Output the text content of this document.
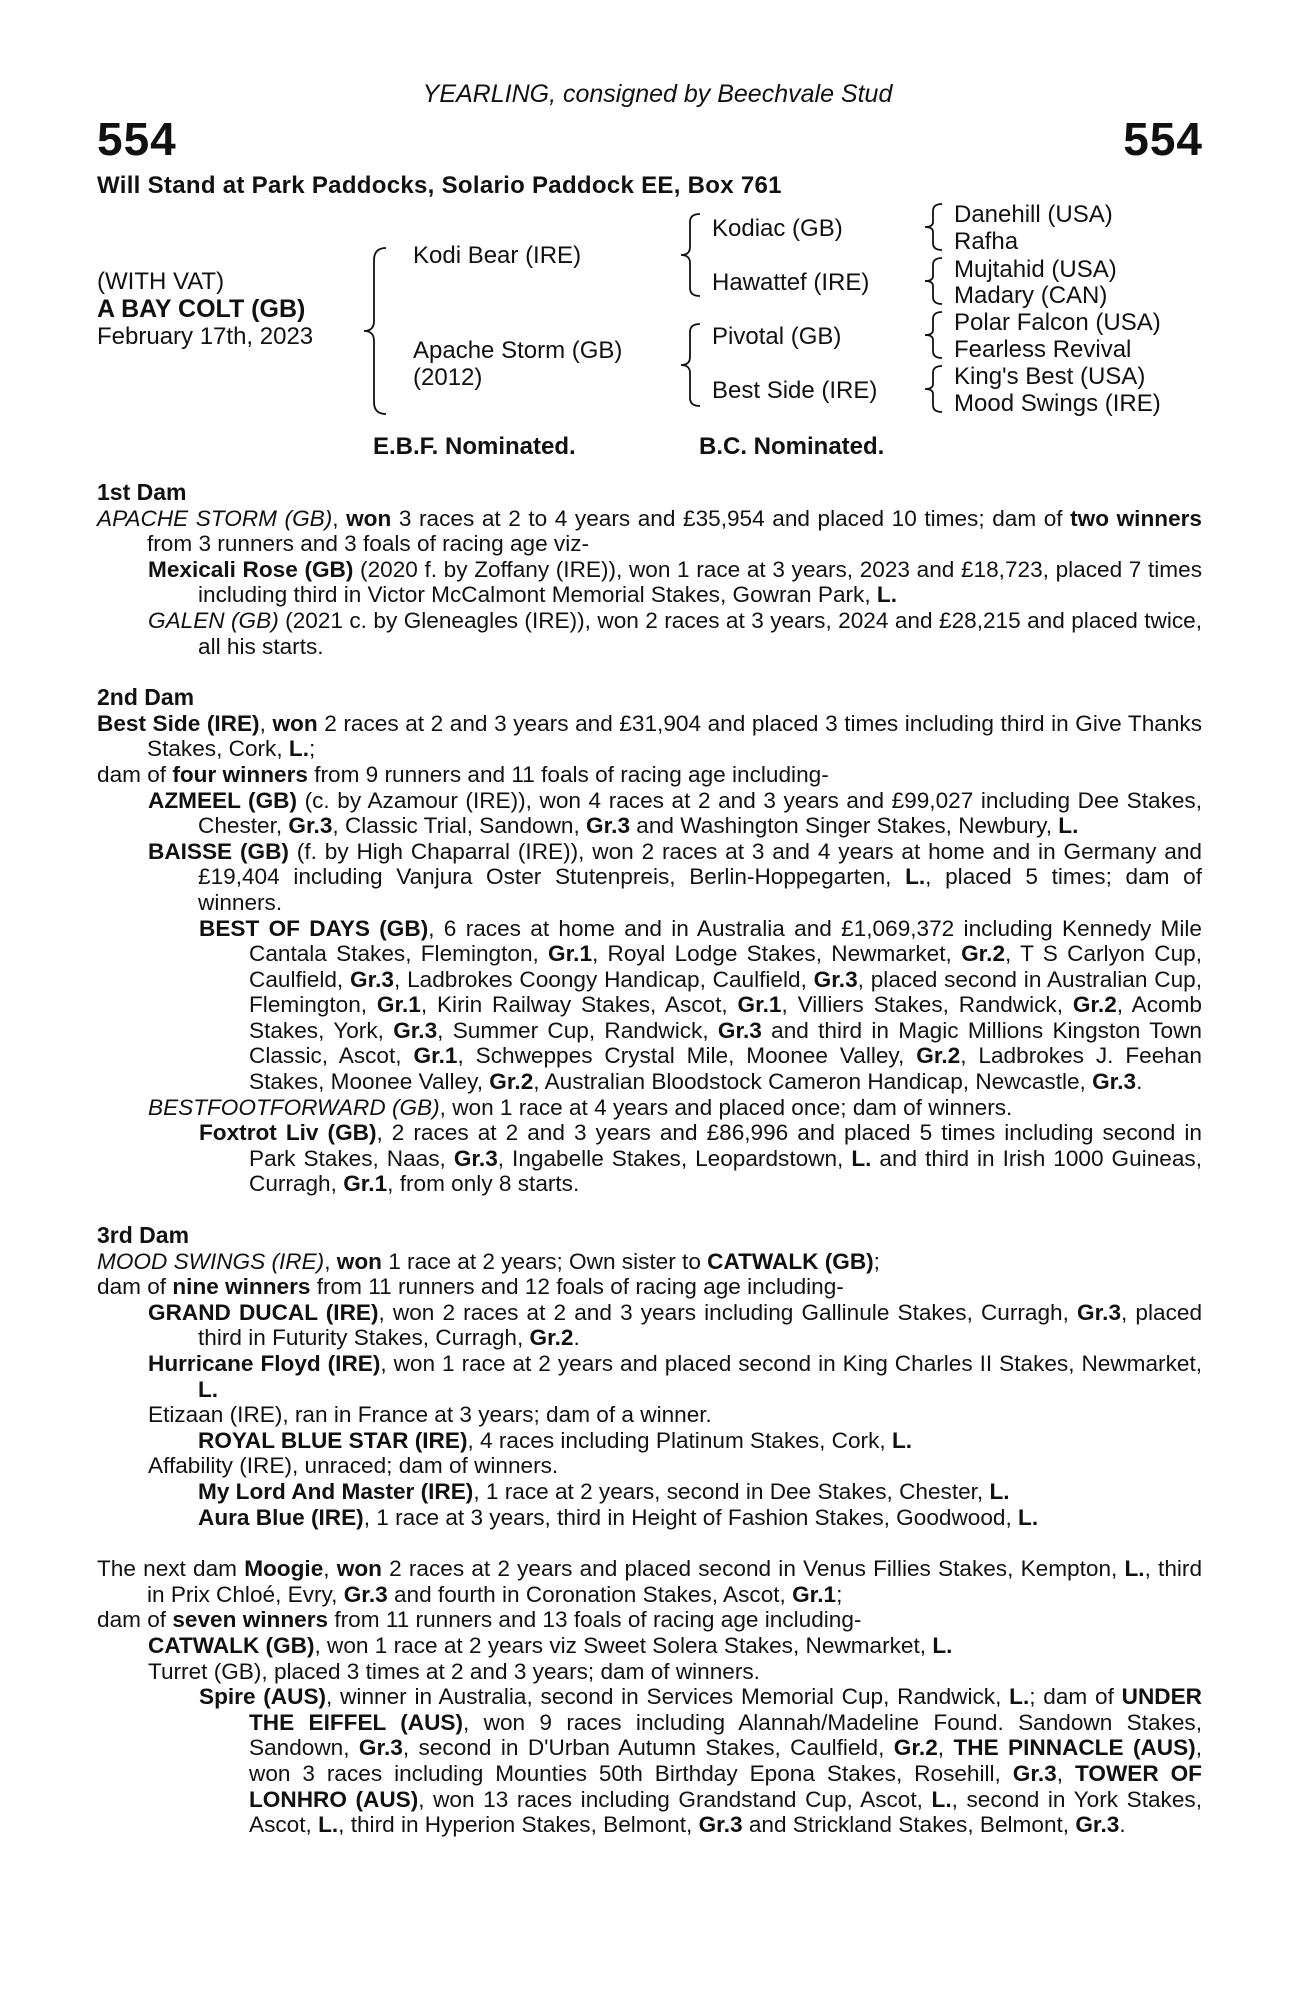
YEARLING, consigned by Beechvale Stud
554	554
Will Stand at Park Paddocks, Solario Paddock EE, Box 761
(WITH VAT)
A BAY COLT (GB)
February 17th, 2023
Kodi Bear (IRE)
Apache Storm (GB)
(2012)
Kodiac (GB)
Hawattef (IRE)
Pivotal (GB)
Best Side (IRE)
Danehill (USA)
Rafha
Mujtahid (USA)
Madary (CAN)
Polar Falcon (USA)
Fearless Revival
King's Best (USA)
Mood Swings (IRE)
E.B.F. Nominated.	B.C. Nominated.
1st Dam
APACHE STORM (GB), won 3 races at 2 to 4 years and £35,954 and placed 10 times; dam of two winners from 3 runners and 3 foals of racing age viz-
Mexicali Rose (GB) (2020 f. by Zoffany (IRE)), won 1 race at 3 years, 2023 and £18,723, placed 7 times including third in Victor McCalmont Memorial Stakes, Gowran Park, L.
GALEN (GB) (2021 c. by Gleneagles (IRE)), won 2 races at 3 years, 2024 and £28,215 and placed twice, all his starts.
2nd Dam
Best Side (IRE), won 2 races at 2 and 3 years and £31,904 and placed 3 times including third in Give Thanks Stakes, Cork, L.;
dam of four winners from 9 runners and 11 foals of racing age including-
AZMEEL (GB) (c. by Azamour (IRE)), won 4 races at 2 and 3 years and £99,027 including Dee Stakes, Chester, Gr.3, Classic Trial, Sandown, Gr.3 and Washington Singer Stakes, Newbury, L.
BAISSE (GB) (f. by High Chaparral (IRE)), won 2 races at 3 and 4 years at home and in Germany and £19,404 including Vanjura Oster Stutenpreis, Berlin-Hoppegarten, L., placed 5 times; dam of winners.
BEST OF DAYS (GB), 6 races at home and in Australia and £1,069,372 including Kennedy Mile Cantala Stakes, Flemington, Gr.1, Royal Lodge Stakes, Newmarket, Gr.2, T S Carlyon Cup, Caulfield, Gr.3, Ladbrokes Coongy Handicap, Caulfield, Gr.3, placed second in Australian Cup, Flemington, Gr.1, Kirin Railway Stakes, Ascot, Gr.1, Villiers Stakes, Randwick, Gr.2, Acomb Stakes, York, Gr.3, Summer Cup, Randwick, Gr.3 and third in Magic Millions Kingston Town Classic, Ascot, Gr.1, Schweppes Crystal Mile, Moonee Valley, Gr.2, Ladbrokes J. Feehan Stakes, Moonee Valley, Gr.2, Australian Bloodstock Cameron Handicap, Newcastle, Gr.3.
BESTFOOTFORWARD (GB), won 1 race at 4 years and placed once; dam of winners.
Foxtrot Liv (GB), 2 races at 2 and 3 years and £86,996 and placed 5 times including second in Park Stakes, Naas, Gr.3, Ingabelle Stakes, Leopardstown, L. and third in Irish 1000 Guineas, Curragh, Gr.1, from only 8 starts.
3rd Dam
MOOD SWINGS (IRE), won 1 race at 2 years; Own sister to CATWALK (GB);
dam of nine winners from 11 runners and 12 foals of racing age including-
GRAND DUCAL (IRE), won 2 races at 2 and 3 years including Gallinule Stakes, Curragh, Gr.3, placed third in Futurity Stakes, Curragh, Gr.2.
Hurricane Floyd (IRE), won 1 race at 2 years and placed second in King Charles II Stakes, Newmarket, L.
Etizaan (IRE), ran in France at 3 years; dam of a winner.
ROYAL BLUE STAR (IRE), 4 races including Platinum Stakes, Cork, L.
Affability (IRE), unraced; dam of winners.
My Lord And Master (IRE), 1 race at 2 years, second in Dee Stakes, Chester, L.
Aura Blue (IRE), 1 race at 3 years, third in Height of Fashion Stakes, Goodwood, L.
The next dam Moogie, won 2 races at 2 years and placed second in Venus Fillies Stakes, Kempton, L., third in Prix Chloé, Evry, Gr.3 and fourth in Coronation Stakes, Ascot, Gr.1;
dam of seven winners from 11 runners and 13 foals of racing age including-
CATWALK (GB), won 1 race at 2 years viz Sweet Solera Stakes, Newmarket, L.
Turret (GB), placed 3 times at 2 and 3 years; dam of winners.
Spire (AUS), winner in Australia, second in Services Memorial Cup, Randwick, L.; dam of UNDER THE EIFFEL (AUS), won 9 races including Alannah/Madeline Found. Sandown Stakes, Sandown, Gr.3, second in D'Urban Autumn Stakes, Caulfield, Gr.2, THE PINNACLE (AUS), won 3 races including Mounties 50th Birthday Epona Stakes, Rosehill, Gr.3, TOWER OF LONHRO (AUS), won 13 races including Grandstand Cup, Ascot, L., second in York Stakes, Ascot, L., third in Hyperion Stakes, Belmont, Gr.3 and Strickland Stakes, Belmont, Gr.3.
